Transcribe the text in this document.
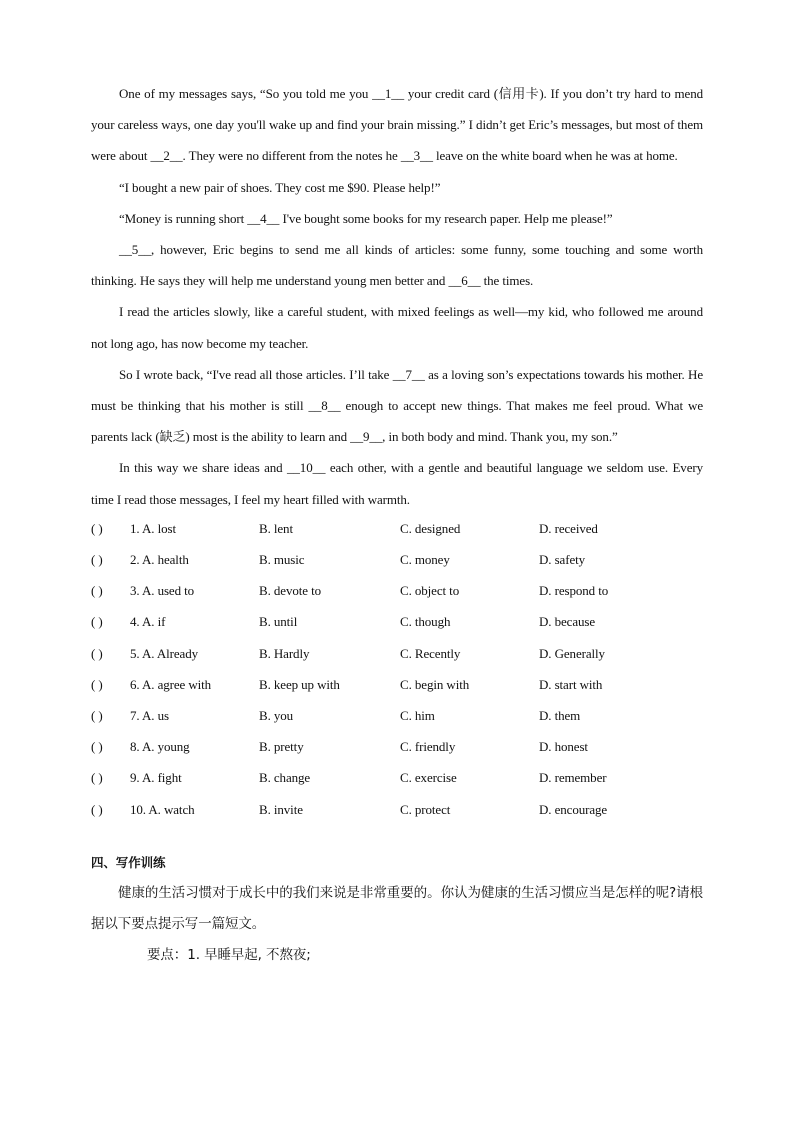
One of my messages says, “So you told me you __1__ your credit card (信用卡). If you don’t try hard to mend your careless ways, one day you'll wake up and find your brain missing.” I didn’t get Eric’s messages, but most of them were about __2__. They were no different from the notes he __3__ leave on the white board when he was at home.

“I bought a new pair of shoes. They cost me $90. Please help!”

“Money is running short __4__ I've bought some books for my research paper. Help me please!”

__5__, however, Eric begins to send me all kinds of articles: some funny, some touching and some worth thinking. He says they will help me understand young men better and __6__ the times.

I read the articles slowly, like a careful student, with mixed feelings as well—my kid, who followed me around not long ago, has now become my teacher.

So I wrote back, “I've read all those articles. I’ll take __7__ as a loving son’s expectations towards his mother. He must be thinking that his mother is still __8__ enough to accept new things. That makes me feel proud. What we parents lack (缺乏) most is the ability to learn and __9__, in both body and mind. Thank you, my son.”

In this way we share ideas and __10__ each other, with a gentle and beautiful language we seldom use. Every time I read those messages, I feel my heart filled with warmth.

( ) 1. A. lost	B. lent	C. designed	D. received
( ) 2. A. health	B. music	C. money	D. safety
( ) 3. A. used to	B. devote to	C. object to	D. respond to
( ) 4. A. if	B. until	C. though	D. because
( ) 5. A. Already	B. Hardly	C. Recently	D. Generally
( ) 6. A. agree with	B. keep up with	C. begin with	D. start with
( ) 7. A. us	B. you	C. him	D. them
( ) 8. A. young	B. pretty	C. friendly	D. honest
( ) 9. A. fight	B. change	C. exercise	D. remember
( ) 10. A. watch	B. invite	C. protect	D. encourage
四、写作训练

健康的生活习惯对于成长中的我们来说是非常重要的。你认为健康的生活习惯应当是怎样的呢?请根据以下要点提示写一篇短文。

要点：1. 早睡早起, 不熬夜;
